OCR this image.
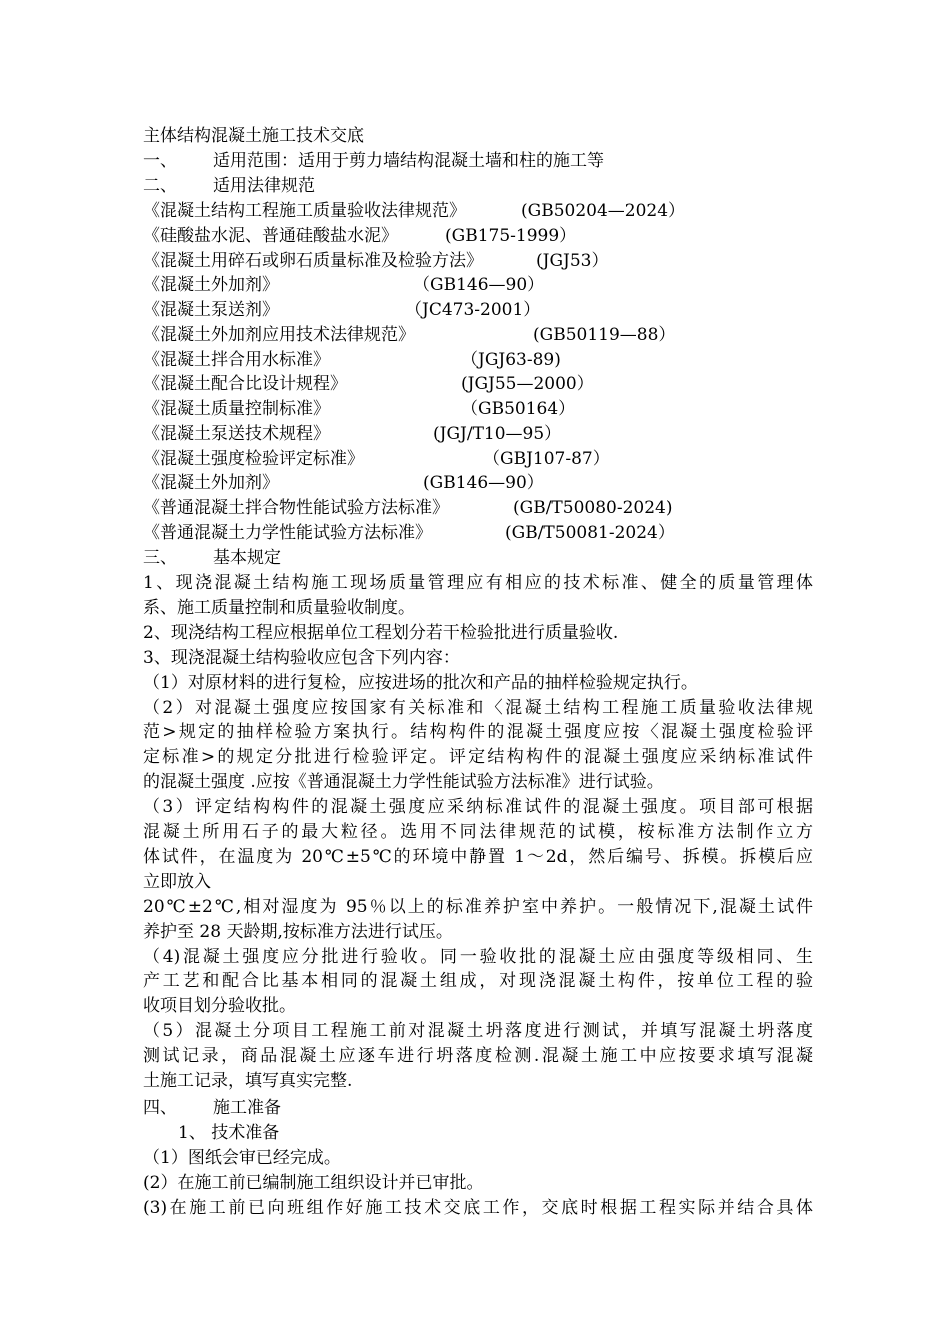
主体结构混凝土施工技术交底
一、 适用范围：适用于剪力墙结构混凝土墙和柱的施工等
二、 适用法律规范
《混凝土结构工程施工质量验收法律规范》	(GB50204—2024）
《硅酸盐水泥、普通硅酸盐水泥》	(GB175-1999）
《混凝土用碎石或卵石质量标准及检验方法》	(JGJ53）
《混凝土外加剂》	（GB146—90）
《混凝土泵送剂》	（JC473-2001）
《混凝土外加剂应用技术法律规范》	(GB50119—88）
《混凝土拌合用水标准》	（JGJ63-89)
《混凝土配合比设计规程》	(JGJ55—2000）
《混凝土质量控制标准》	（GB50164）
《混凝土泵送技术规程》	(JGJ/T10—95）
《混凝土强度检验评定标准》	（GBJ107-87）
《混凝土外加剂》	(GB146—90）
《普通混凝土拌合物性能试验方法标准》	(GB/T50080-2024)
《普通混凝土力学性能试验方法标准》	(GB/T50081-2024）
三、 基本规定
1、现浇混凝土结构施工现场质量管理应有相应的技术标准、健全的质量管理体
系、施工质量控制和质量验收制度。
2、现浇结构工程应根据单位工程划分若干检验批进行质量验收.
3、现浇混凝土结构验收应包含下列内容：
（1）对原材料的进行复检，应按进场的批次和产品的抽样检验规定执行。
（2）对混凝土强度应按国家有关标准和〈混凝土结构工程施工质量验收法律规
范>规定的抽样检验方案执行。结构构件的混凝土强度应按〈混凝土强度检验评
定标准>的规定分批进行检验评定。评定结构构件的混凝土强度应采纳标准试件
的混凝土强度 .应按《普通混凝土力学性能试验方法标准》进行试验。
（3）评定结构构件的混凝土强度应采纳标准试件的混凝土强度。项目部可根据
混凝土所用石子的最大粒径。选用不同法律规范的试模，桉标准方法制作立方
体试件，在温度为 20℃±5℃的环境中静置 1～2d，然后编号、拆模。拆模后应
立即放入
20℃±2℃,相对湿度为 95％以上的标准养护室中养护。一般情况下,混凝土试件
养护至 28 天龄期,按标准方法进行试压。
（4)混凝土强度应分批进行验收。同一验收批的混凝土应由强度等级相同、生
产工艺和配合比基本相同的混凝土组成，对现浇混凝土构件，按单位工程的验
收项目划分验收批。
（5）混凝土分项目工程施工前对混凝土坍落度进行测试，并填写混凝土坍落度
测试记录，商品混凝土应逐车进行坍落度检测.混凝土施工中应按要求填写混凝
土施工记录，填写真实完整.
四、 施工准备
1、 技术准备
（1）图纸会审已经完成。
(2）在施工前已编制施工组织设计并已审批。
(3)在施工前已向班组作好施工技术交底工作，交底时根据工程实际并结合具体
